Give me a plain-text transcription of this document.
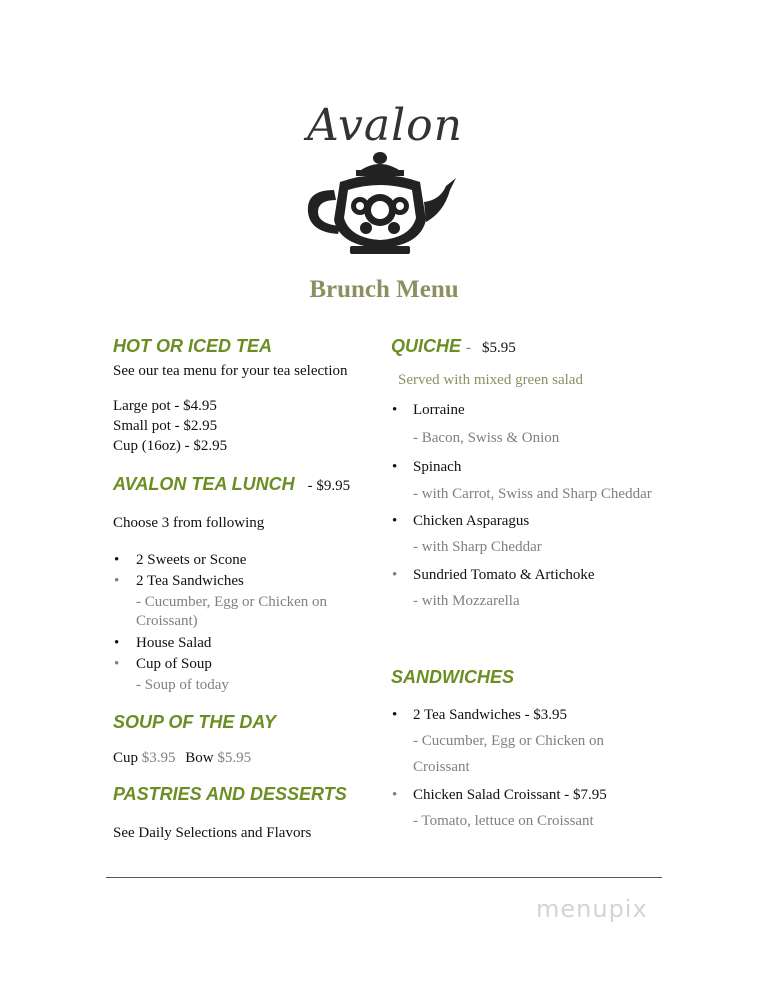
Avalon
Brunch Menu
HOT OR ICED TEA
See our tea menu for your tea selection
Large pot - $4.95
Small pot - $2.95
Cup (16oz) - $2.95
AVALON TEA LUNCH - $9.95
Choose 3 from following
• 2 Sweets or Scone
• 2 Tea Sandwiches
- Cucumber, Egg or Chicken on
Croissant)
• House Salad
• Cup of Soup
- Soup of today
SOUP OF THE DAY
Cup $3.95 Bow $5.95
PASTRIES AND DESSERTS
See Daily Selections and Flavors
QUICHE - $5.95
Served with mixed green salad
• Lorraine
- Bacon, Swiss & Onion
• Spinach
- with Carrot, Swiss and Sharp Cheddar
• Chicken Asparagus
- with Sharp Cheddar
• Sundried Tomato & Artichoke
- with Mozzarella
SANDWICHES
• 2 Tea Sandwiches - $3.95
- Cucumber, Egg or Chicken on
Croissant
• Chicken Salad Croissant - $7.95
- Tomato, lettuce on Croissant
menupix
